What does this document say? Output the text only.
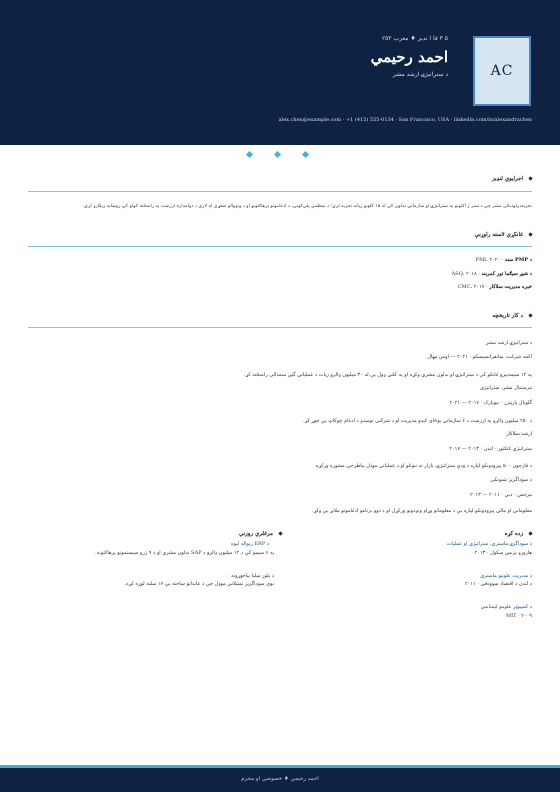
٥ ٣ فا ا ندير ♦ معرب ٢٥٢
احمد رحیمي
د ستراتيژۍ ارشد مشر	AC
alex.chen@example.com · +1 (415) 555-0134 · San Francisco, USA · linkedin.com/in/alexandrachen
اجرایوي لنډيز
تجربه‌درلودنکی مشر چې د ستر ژ اکتونو په ستراتيژۍ او سازماني بدلون کې له ۱۵ کلونو زیاته تجربه لري؛ د منظمې پلې‌کونې، د ادغامونو پرهاکتونو او د ونډوالو ضغړې له لارې د دوامداره ارزښت په رامنځته کولو کې روښانه ریکارډ لري.
غانکړي لاسته راوړنې
د PMP سند · PMI، ۲۰۲۰
د شپږ سیګما تور کمربند · ASQ، ۲۰۱۸
خبره مدیریت سلاکار · CMC، ۲۰۱۷
د کار تاريخچه
د ستراتيژۍ ارشد مشر
اکمه شرکت، سانفرانسیسکو · ۲۰۲۱ — اوس مهال
په ۱۲ سيمه‌ييزو غانکو کې د ستراتيژۍ او بدلون مشري وکړه او په کلني ډول یې له ۳۰ میلیون ډالرو زیات د عملیاتي گټې سمدالی رامنځته کړ.
مرستيال مشر، ستراتيژي
گلوبال پارټنرز · نيويارک · ۲۰۱۷ — ۲۰۲۱
د ۲۵۰ میلیون ډالرو په ارزښت د ۶ سازماني يوځای کېدو مدیریت او د شرکتي تومېدو د ادغام چوکاټ یې جوړ کړ.
ارشد سلاکار
ستراتيژي کنکتور · لندن · ۲۰۱۳ — ۲۰۱۷
د فارچون ۵۰۰ پیرودونکو لپاره د ودې ستراتيژۍ، بازار ته ننوتلو او د عملیاتي مودل بیاطرحې مشوره ورکړه.
د سوداگريز شنونکی
مرجس · دبي · ۲۰۱۱ — ۲۰۱۳
معلوماتي او مالي پیرودونکو لپاره یې د معلوماتو وړاو ونډدونو ورکړل او د دوو برنامو ادغامونو ملاتړ یې وکړ.
زده کړه
د سوداگرۍ ماستري، ستراتيژي او عملیات
هارورډ بزنس سکول · ۲۰۱۳
د مدیریت علومو ماستري
د لندن د اقتصاد ښوونځي · ۲۰۱۱
د کمپيوټر علومو لیسانس
MIT · ۲۰۰۹
مرغلري روزنې
د ERP ریواله لیوه
په ۶ سیمو کې د ۱۲ میلیون ډالرو د SAP بدلون مشري او د ۹ زرو سیستمونو پرهاکتونه.
د پلور میلیا بیاجوړونه
نوی سوداگريز تمثیلاتي موډل چې د عاید‌اتو ساحته یې ۱۷ سلنه لوړه کړه.
احمد رحیمي ♦ خصوصي او محرم
